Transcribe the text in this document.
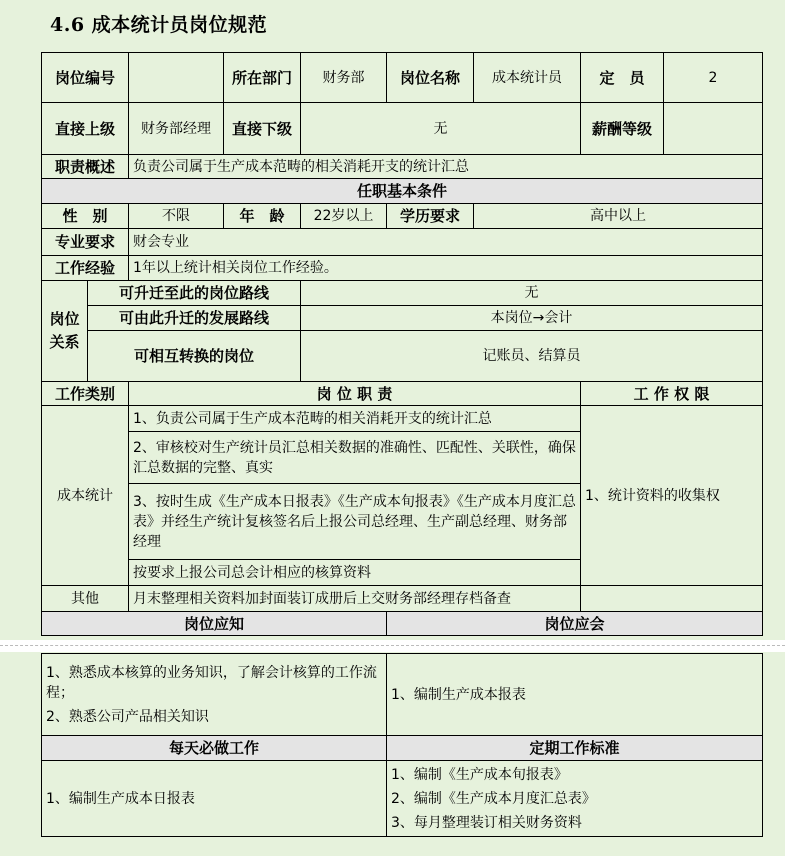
4.6 成本统计员岗位规范
岗位编号			所在部门	财务部	岗位名称	成本统计员	定　员	2
直接上级		财务部经理	直接下级	无			薪酬等级	
职责概述		负责公司属于生产成本范畴的相关消耗开支的统计汇总						
任职基本条件								
性　别		不限	年　龄	22岁以上	学历要求	高中以上		
专业要求		财会专业						
工作经验		1年以上统计相关岗位工作经验。						
岗位关系	可升迁至此的岗位路线			无				
	可由此升迁的发展路线			本岗位→会计				
	可相互转换的岗位			记账员、结算员				
工作类别		岗 位 职 责					工 作 权 限	
成本统计		1、负责公司属于生产成本范畴的相关消耗开支的统计汇总					1、统计资料的收集权	
		2、审核校对生产统计员汇总相关数据的准确性、匹配性、关联性，确保汇总数据的完整、真实						
		3、按时生成《生产成本日报表》《生产成本旬报表》《生产成本月度汇总表》并经生产统计复核签名后上报公司总经理、生产副总经理、财务部经理						
		按要求上报公司总会计相应的核算资料						
其他		月末整理相关资料加封面装订成册后上交财务部经理存档备查						
岗位应知					岗位应会			
1、熟悉成本核算的业务知识，了解会计核算的工作流程；
2、熟悉公司产品相关知识	1、编制生产成本报表

每天必做工作	定期工作标准

1、编制生产成本日报表	1、编制《生产成本旬报表》
2、编制《生产成本月度汇总表》
3、每月整理装订相关财务资料
